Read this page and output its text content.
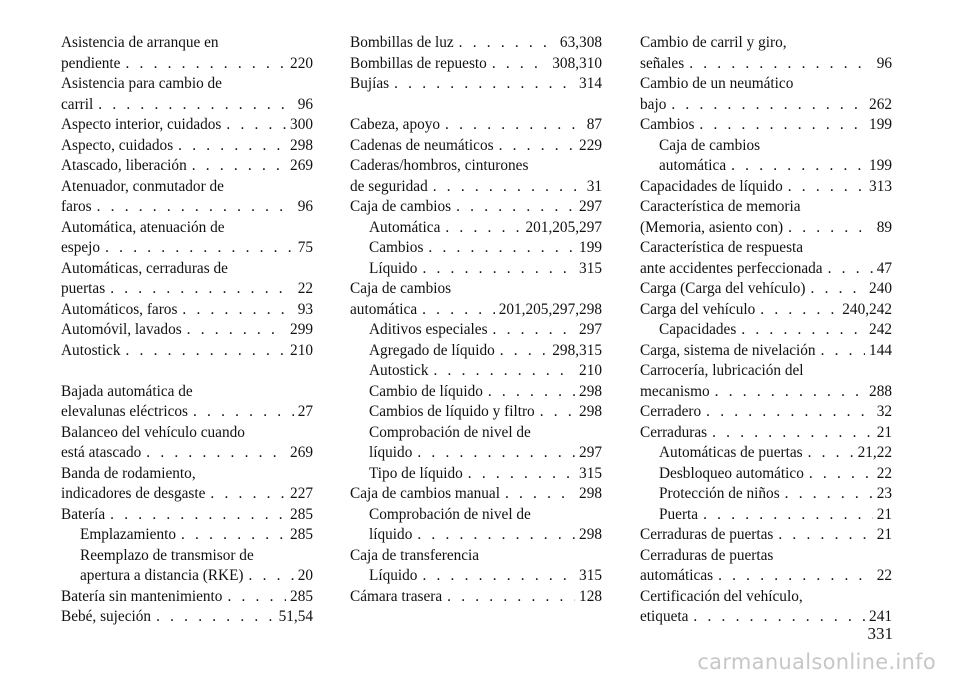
Asistencia de arranque en
pendiente . . .	220
Asistencia para cambio de
carril . . .	96
Aspecto interior, cuidados . . .	300
Aspecto, cuidados . . .	298
Atascado, liberación . . .	269
Atenuador, conmutador de
faros . . .	96
Automática, atenuación de
espejo . . .	75
Automáticas, cerraduras de
puertas . . .	22
Automáticos, faros . . .	93
Automóvil, lavados . . .	299
Autostick . . .	210
Bajada automática de
elevalunas eléctricos . . .	27
Balanceo del vehículo cuando
está atascado . . .	269
Banda de rodamiento,
indicadores de desgaste . . .	227
Batería . . .	285
Emplazamiento . . .	285
Reemplazo de transmisor de
apertura a distancia (RKE) . . .	20
Batería sin mantenimiento . . .	285
Bebé, sujeción . . .	51,54
Bombillas de luz . . .	63,308
Bombillas de repuesto . . .	308,310
Bujías . . .	314
Cabeza, apoyo . . .	87
Cadenas de neumáticos . . .	229
Caderas/hombros, cinturones
de seguridad . . .	31
Caja de cambios . . .	297
Automática . . .	201,205,297
Cambios . . .	199
Líquido . . .	315
Caja de cambios
automática . . .	201,205,297,298
Aditivos especiales . . .	297
Agregado de líquido . . .	298,315
Autostick . . .	210
Cambio de líquido . . .	298
Cambios de líquido y filtro . . .	298
Comprobación de nivel de
líquido . . .	297
Tipo de líquido . . .	315
Caja de cambios manual . . .	298
Comprobación de nivel de
líquido . . .	298
Caja de transferencia
Líquido . . .	315
Cámara trasera . . .	128
Cambio de carril y giro,
señales . . .	96
Cambio de un neumático
bajo . . .	262
Cambios . . .	199
Caja de cambios
automática . . .	199
Capacidades de líquido . . .	313
Característica de memoria
(Memoria, asiento con) . . .	89
Característica de respuesta
ante accidentes perfeccionada . . .	47
Carga (Carga del vehículo) . . .	240
Carga del vehículo . . .	240,242
Capacidades . . .	242
Carga, sistema de nivelación . . .	144
Carrocería, lubricación del
mecanismo . . .	288
Cerradero . . .	32
Cerraduras . . .	21
Automáticas de puertas . . .	21,22
Desbloqueo automático . . .	22
Protección de niños . . .	23
Puerta . . .	21
Cerraduras de puertas . . .	21
Cerraduras de puertas
automáticas . . .	22
Certificación del vehículo,
etiqueta . . .	241
331
carmanualsonline.info
